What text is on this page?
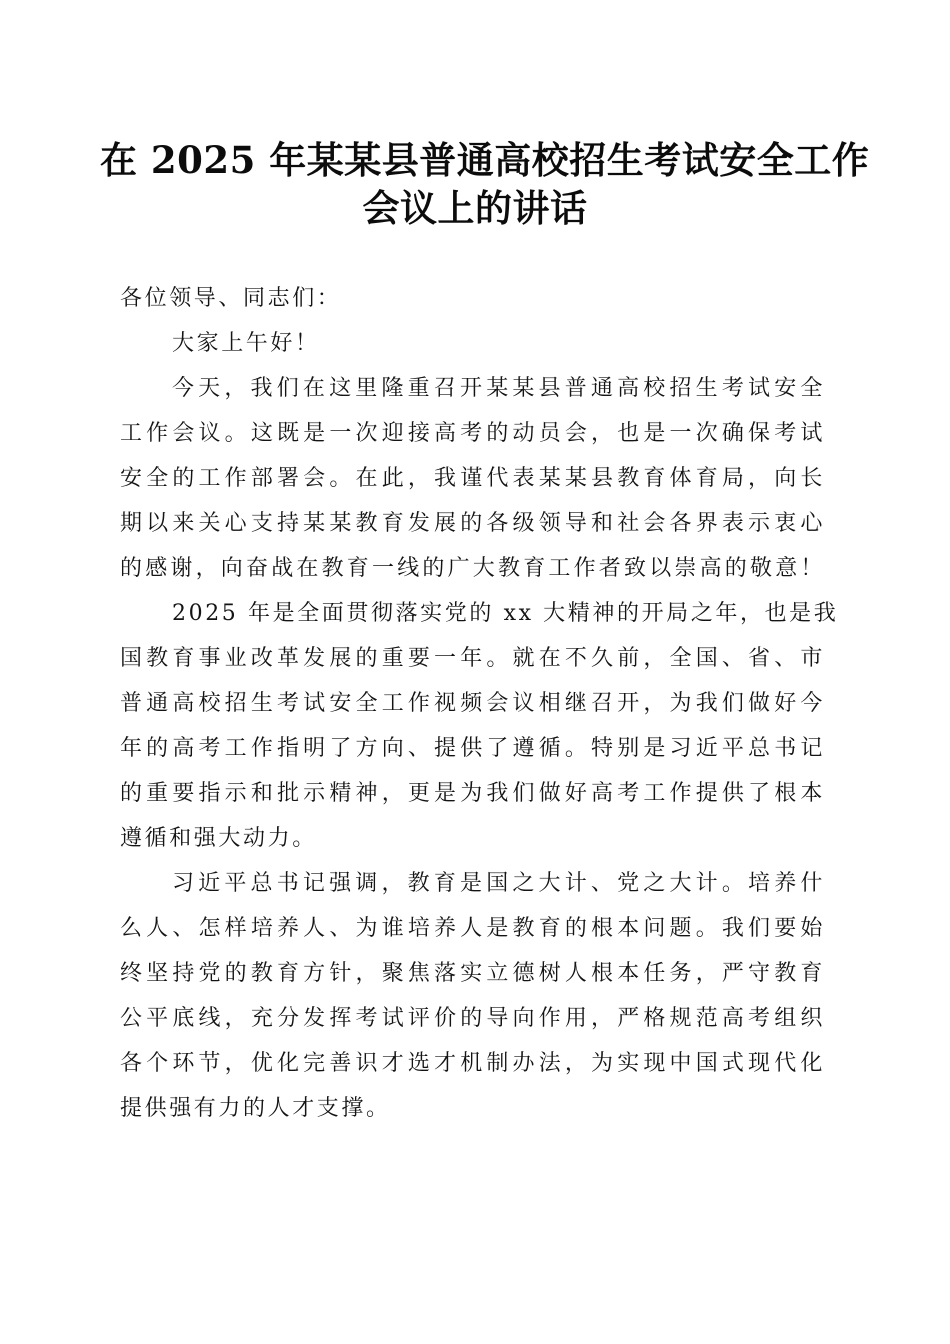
在 2025 年某某县普通高校招生考试安全工作
会议上的讲话
各位领导、同志们：
大家上午好！
今天，我们在这里隆重召开某某县普通高校招生考试安全
工作会议。这既是一次迎接高考的动员会，也是一次确保考试
安全的工作部署会。在此，我谨代表某某县教育体育局，向长
期以来关心支持某某教育发展的各级领导和社会各界表示衷心
的感谢，向奋战在教育一线的广大教育工作者致以崇高的敬意！
2025 年是全面贯彻落实党的 xx 大精神的开局之年，也是我
国教育事业改革发展的重要一年。就在不久前，全国、省、市
普通高校招生考试安全工作视频会议相继召开，为我们做好今
年的高考工作指明了方向、提供了遵循。特别是习近平总书记
的重要指示和批示精神，更是为我们做好高考工作提供了根本
遵循和强大动力。
习近平总书记强调，教育是国之大计、党之大计。培养什
么人、怎样培养人、为谁培养人是教育的根本问题。我们要始
终坚持党的教育方针，聚焦落实立德树人根本任务，严守教育
公平底线，充分发挥考试评价的导向作用，严格规范高考组织
各个环节，优化完善识才选才机制办法，为实现中国式现代化
提供强有力的人才支撑。
